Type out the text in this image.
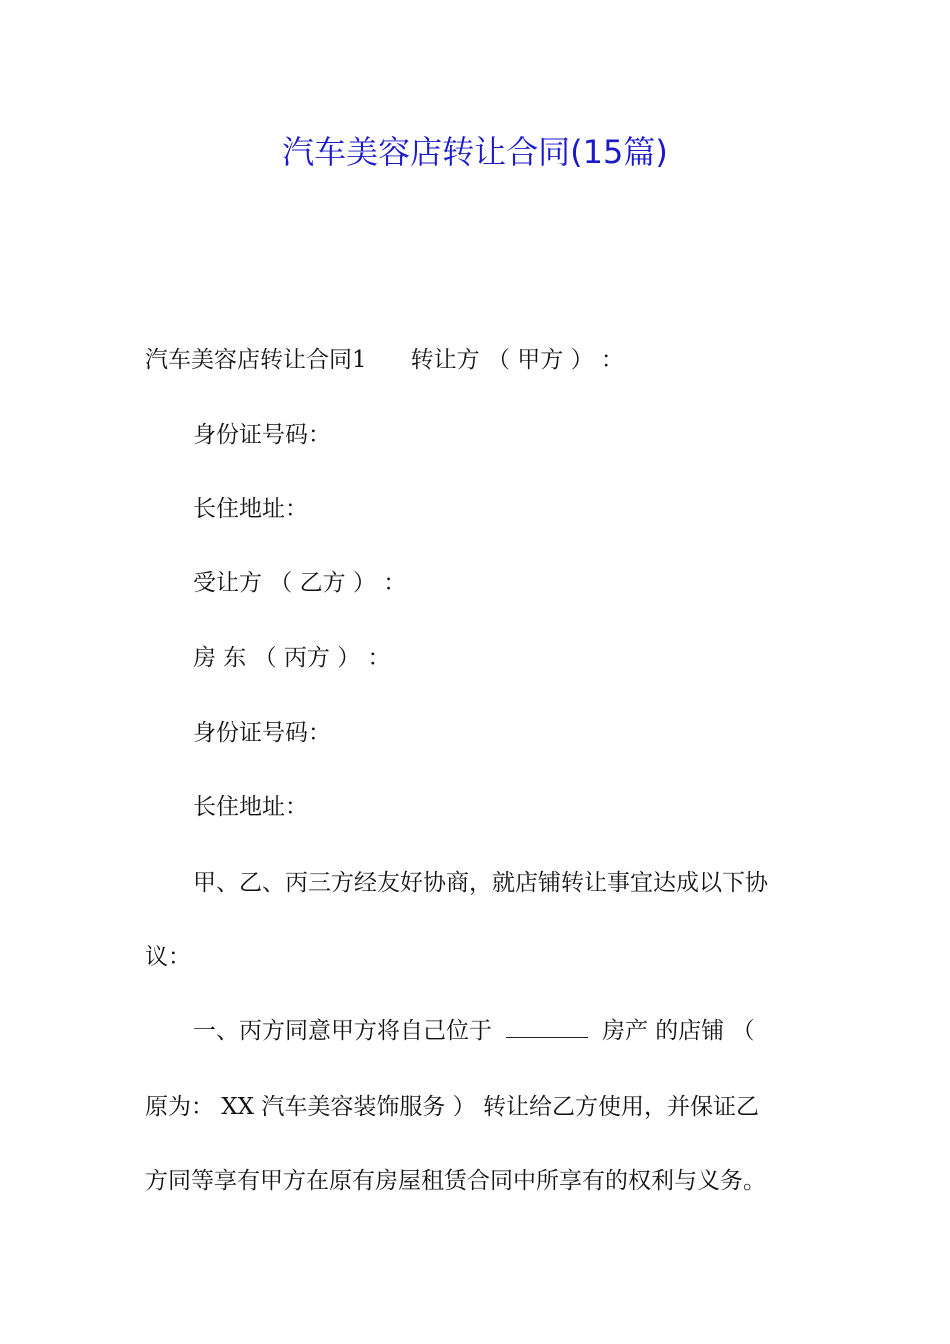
汽车美容店转让合同(15篇)

汽车美容店转让合同1 转让方 （ 甲方 ） ：

身份证号码：

长住地址：

受让方 （ 乙方 ） ：

房 东 （ 丙方 ） ：

身份证号码：

长住地址：

甲、乙、丙三方经友好协商，就店铺转让事宜达成以下协

议：

一、丙方同意甲方将自己位于	房产 的店铺 （

原为： XX 汽车美容装饰服务 ） 转让给乙方使用，并保证乙

方同等享有甲方在原有房屋租赁合同中所享有的权利与义务。
